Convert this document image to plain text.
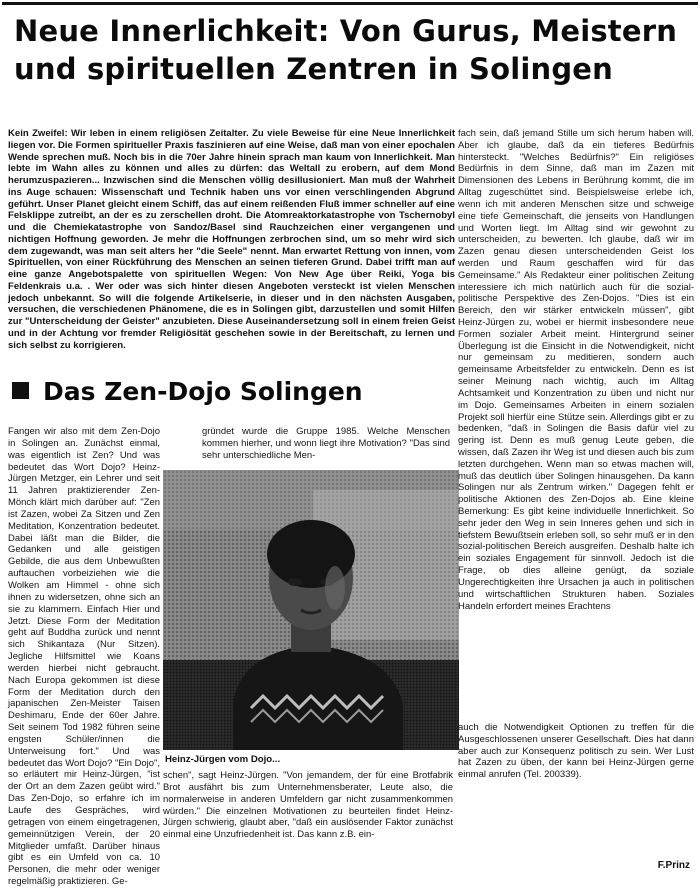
Neue Innerlichkeit: Von Gurus, Meistern
und spirituellen Zentren in Solingen

Kein Zweifel: Wir leben in einem religiösen Zeitalter. Zu viele Beweise für eine Neue Innerlichkeit liegen vor. Die Formen spiritueller Praxis faszinieren auf eine Weise, daß man von einer epochalen Wende sprechen muß. Noch bis in die 70er Jahre hinein sprach man kaum von Innerlichkeit. Man lebte im Wahn alles zu können und alles zu dürfen: das Weltall zu erobern, auf dem Mond herumzuspazieren... Inzwischen sind die Menschen völlig desillusioniert. Man muß der Wahrheit ins Auge schauen: Wissenschaft und Technik haben uns vor einen verschlingenden Abgrund geführt. Unser Planet gleicht einem Schiff, das auf einem reißenden Fluß immer schneller auf eine Felsklippe zutreibt, an der es zu zerschellen droht. Die Atomreaktorkatastrophe von Tschernobyl und die Chemiekatastrophe von Sandoz/Basel sind Rauchzeichen einer vergangenen und nichtigen Hoffnung geworden. Je mehr die Hoffnungen zerbrochen sind, um so mehr wird sich dem zugewandt, was man seit alters her "die Seele" nennt. Man erwartet Rettung von innen, vom Spirituellen, von einer Rückführung des Menschen an seinen tieferen Grund. Dabei trifft man auf eine ganze Angebotspalette von spirituellen Wegen: Von New Age über Reiki, Yoga bis Feldenkrais u.a. . Wer oder was sich hinter diesen Angeboten versteckt ist vielen Menschen jedoch unbekannt. So will die folgende Artikelserie, in dieser und in den nächsten Ausgaben, versuchen, die verschiedenen Phänomene, die es in Solingen gibt, darzustellen und somit Hilfen zur "Unterscheidung der Geister" anzubieten. Diese Auseinandersetzung soll in einem freien Geist und in der Achtung vor fremder Religiösität geschehen sowie in der Bereitschaft, zu lernen und sich selbst zu korrigieren.

Das Zen-Dojo Solingen

Fangen wir also mit dem Zen-Dojo in Solingen an. Zunächst einmal, was eigentlich ist Zen? Und was bedeutet das Wort Dojo? Heinz-Jürgen Metzger, ein Lehrer und seit 11 Jahren praktizierender Zen-Mönch klärt mich darüber auf: "Zen ist Zazen, wobei Za Sitzen und Zen Meditation, Konzentration bedeutet. Dabei läßt man die Bilder, die Gedanken und alle geistigen Gebilde, die aus dem Unbewußten auftauchen vorbeiziehen wie die Wolken am Himmel - ohne sich ihnen zu widersetzen, ohne sich an sie zu klammern. Einfach Hier und Jetzt. Diese Form der Meditation geht auf Buddha zurück und nennt sich Shikantaza (Nur Sitzen). Jegliche Hilfsmittel wie Koans werden hierbei nicht gebraucht. Nach Europa gekommen ist diese Form der Meditation durch den japanischen Zen-Meister Taisen Deshimaru, Ende der 60er Jahre. Seit seinem Tod 1982 führen seine engsten Schüler/innen die Unterweisung fort." Und was bedeutet das Wort Dojo? "Ein Dojo", so erläutert mir Heinz-Jürgen, "ist der Ort an dem Zazen geübt wird." Das Zen-Dojo, so erfahre ich im Laufe des Gespräches, wird getragen von einem eingetragenen, gemeinnützigen Verein, der 20 Mitglieder umfaßt. Darüber hinaus gibt es ein Umfeld von ca. 10 Personen, die mehr oder weniger regelmäßig praktizieren. Ge-

gründet wurde die Gruppe 1985. Welche Menschen kommen hierher, und wonn liegt ihre Motivation? "Das sind sehr unterschiedliche Men-

Heinz-Jürgen vom Dojo...

schen", sagt Heinz-Jürgen. "Von jemandem, der für eine Brotfabrik Brot ausfährt bis zum Unternehmensberater, Leute also, die normalerweise in anderen Umfeldern gar nicht zusammenkommen würden." Die einzelnen Motivationen zu beurteilen findet Heinz-Jürgen schwierig, glaubt aber, "daß ein auslösender Faktor zunächst einmal eine Unzufriedenheit ist. Das kann z.B. ein-

fach sein, daß jemand Stille um sich herum haben will. Aber ich glaube, daß da ein tieferes Bedürfnis hintersteckt. "Welches Bedürfnis?" Ein religiöses Bedürfnis in dem Sinne, daß man im Zazen mit Dimensionen des Lebens in Berührung kommt, die im Alltag zugeschüttet sind. Beispielsweise erlebe ich, wenn ich mit anderen Menschen sitze und schweige eine tiefe Gemeinschaft, die jenseits von Handlungen und Worten liegt. Im Alltag sind wir gewohnt zu unterscheiden, zu bewerten. Ich glaube, daß wir im Zazen genau diesen unterscheidenden Geist los werden und Raum geschaffen wird für das Gemeinsame." Als Redakteur einer politischen Zeitung interessiere ich mich natürlich auch für die sozial-politische Perspektive des Zen-Dojos. "Dies ist ein Bereich, den wir stärker entwickeln müssen", gibt Heinz-Jürgen zu, wobei er hiermit insbesondere neue Formen sozialer Arbeit meint. Hintergrund seiner Überlegung ist die Einsicht in die Notwendigkeit, nicht nur gemeinsam zu meditieren, sondern auch gemeinsame Arbeitsfelder zu entwickeln. Denn es ist seiner Meinung nach wichtig, auch im Alltag Achtsamkeit und Konzentration zu üben und nicht nur im Dojo. Gemeinsames Arbeiten in einem sozialen Projekt soll hierfür eine Stütze sein. Allerdings gibt er zu bedenken, "daß in Solingen die Basis dafür viel zu gering ist. Denn es muß genug Leute geben, die wissen, daß Zazen ihr Weg ist und diesen auch bis zum letzten durchgehen. Wenn man so etwas machen will, muß das deutlich über Solingen hinausgehen. Da kann Solingen nur als Zentrum wirken." Dagegen fehlt er politische Aktionen des Zen-Dojos ab. Eine kleine Bemerkung: Es gibt keine individuelle Innerlichkeit. So sehr jeder den Weg in sein Inneres gehen und sich in tiefstem Bewußtsein erleben soll, so sehr muß er in den sozial-politischen Bereich ausgreifen. Deshalb halte ich ein soziales Engagement für sinnvoll. Jedoch ist die Frage, ob dies alleine genügt, da soziale Ungerechtigkeiten ihre Ursachen ja auch in politischen und wirtschaftlichen Strukturen haben. Soziales Handeln erfordert meines Erachtens

auch die Notwendigkeit Optionen zu treffen für die Ausgeschlossenen unserer Gesellschaft. Dies hat dann aber auch zur Konsequenz politisch zu sein. Wer Lust hat Zazen zu üben, der kann bei Heinz-Jürgen gerne einmal anrufen (Tel. 200339).

F.Prinz
